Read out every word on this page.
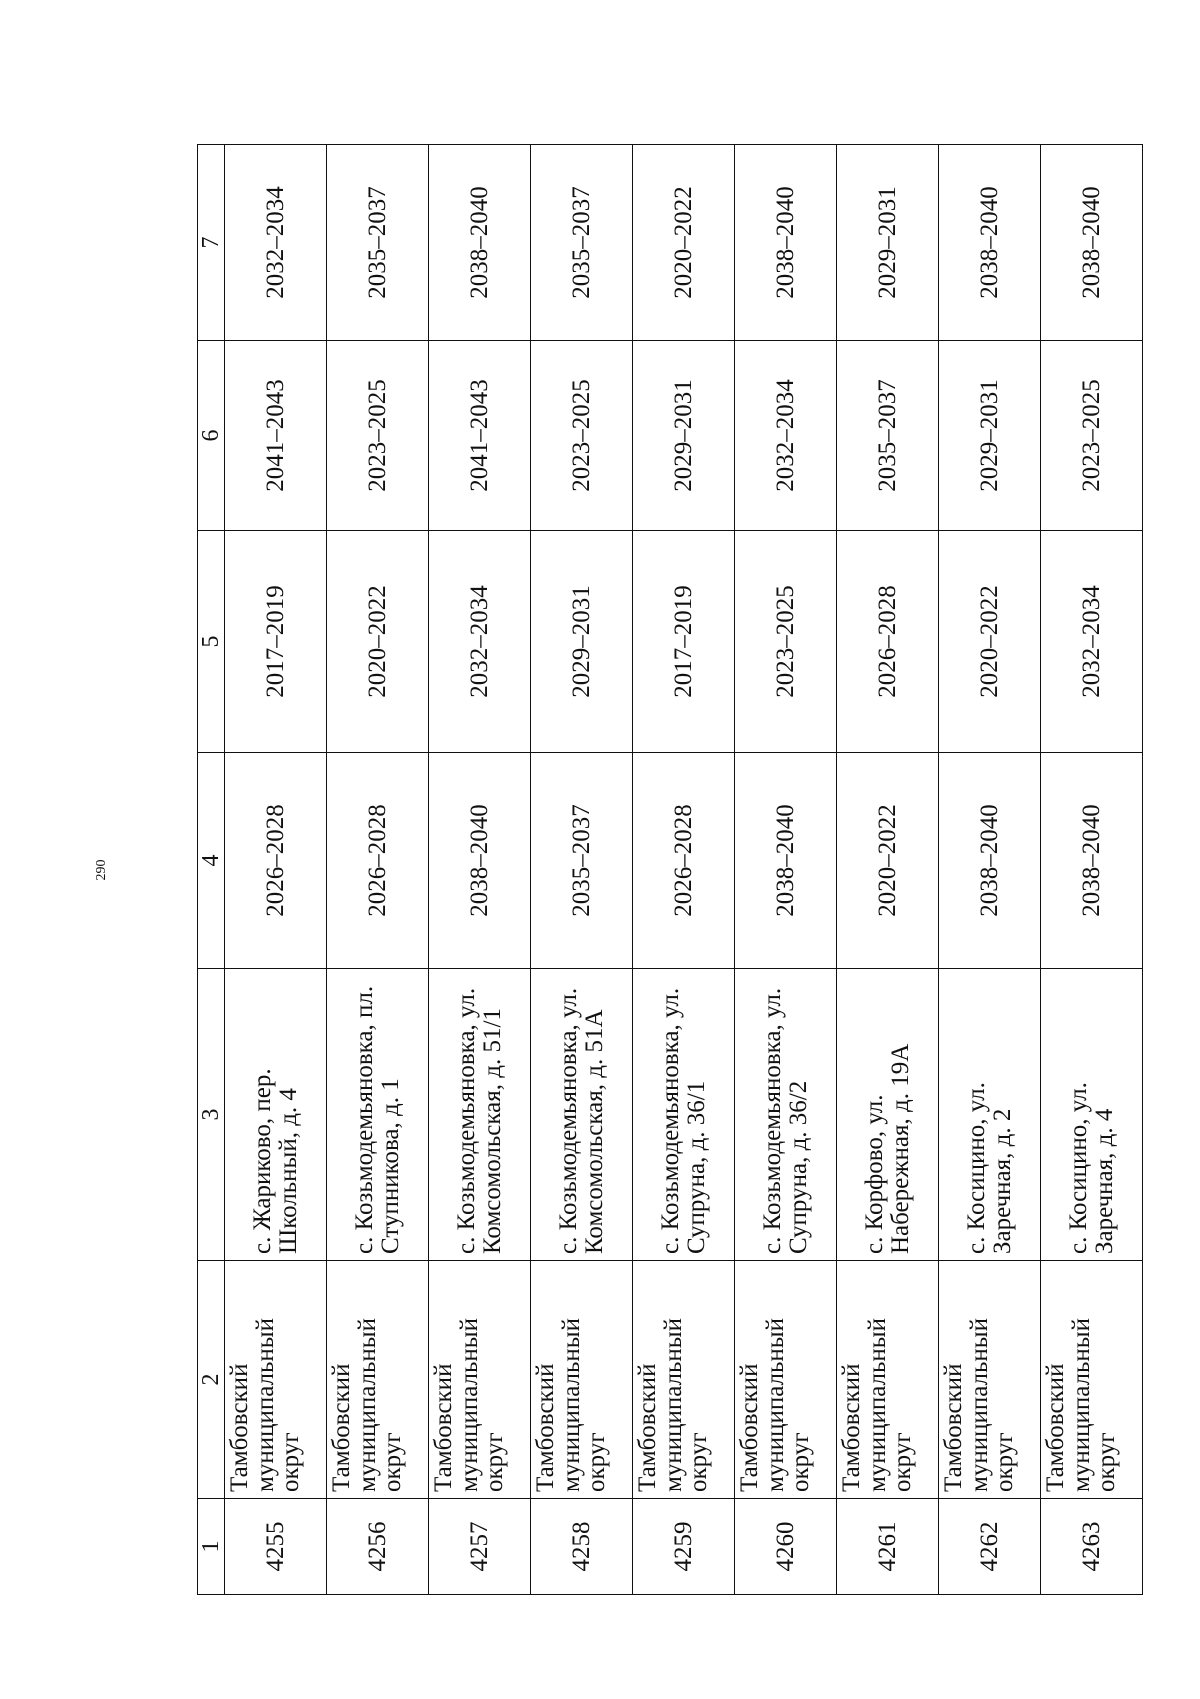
290
1	2	3	4	5	6	7
4255	Тамбовский муниципальный округ	с. Жариково, пер. Школьный, д. 4	2026–2028	2017–2019	2041–2043	2032–2034
4256	Тамбовский муниципальный округ	с. Козьмодемьяновка, пл. Ступникова, д. 1	2026–2028	2020–2022	2023–2025	2035–2037
4257	Тамбовский муниципальный округ	с. Козьмодемьяновка, ул. Комсомольская, д. 51/1	2038–2040	2032–2034	2041–2043	2038–2040
4258	Тамбовский муниципальный округ	с. Козьмодемьяновка, ул. Комсомольская, д. 51А	2035–2037	2029–2031	2023–2025	2035–2037
4259	Тамбовский муниципальный округ	с. Козьмодемьяновка, ул. Супруна, д. 36/1	2026–2028	2017–2019	2029–2031	2020–2022
4260	Тамбовский муниципальный округ	с. Козьмодемьяновка, ул. Супруна, д. 36/2	2038–2040	2023–2025	2032–2034	2038–2040
4261	Тамбовский муниципальный округ	с. Корфово, ул. Набережная, д. 19А	2020–2022	2026–2028	2035–2037	2029–2031
4262	Тамбовский муниципальный округ	с. Косицино, ул. Заречная, д. 2	2038–2040	2020–2022	2029–2031	2038–2040
4263	Тамбовский муниципальный округ	с. Косицино, ул. Заречная, д. 4	2038–2040	2032–2034	2023–2025	2038–2040
